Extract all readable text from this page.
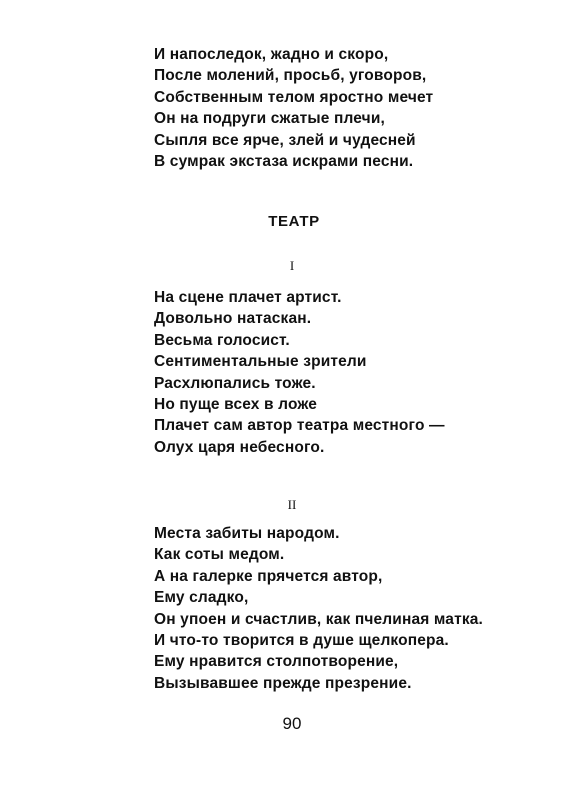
И напоследок, жадно и скоро,
После молений, просьб, уговоров,
Собственным телом яростно мечет
Он на подруги сжатые плечи,
Сыпля все ярче, злей и чудесней
В сумрак экстаза искрами песни.
ТЕАТР
I
На сцене плачет артист.
Довольно натаскан.
Весьма голосист.
Сентиментальные зрители
Расхлюпались тоже.
Но пуще всех в ложе
Плачет сам автор театра местного —
Олух царя небесного.
II
Места забиты народом.
Как соты медом.
А на галерке прячется автор,
Ему сладко,
Он упоен и счастлив, как пчелиная матка.
И что-то творится в душе щелкопера.
Ему нравится столпотворение,
Вызывавшее прежде презрение.
90
